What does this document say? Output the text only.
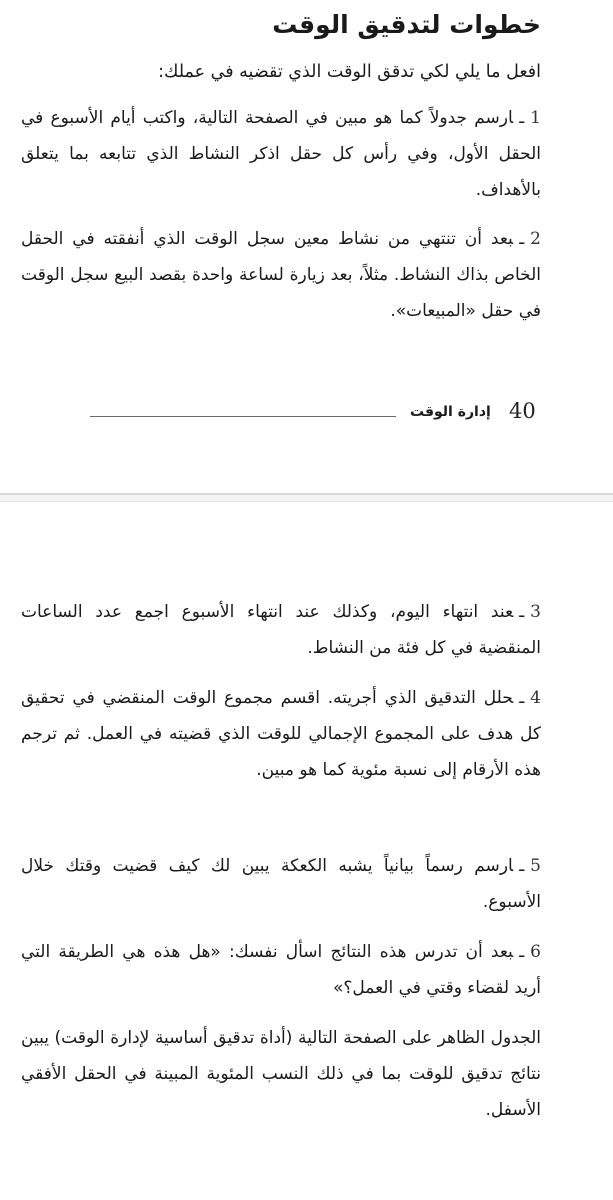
خطوات لتدقيق الوقت
افعل ما يلي لكي تدقق الوقت الذي تقضيه في عملك:

1ـارسم جدولاً كما هو مبين في الصفحة التالية، واكتب أيام الأسبوع في الحقل الأول، وفي رأس كل حقل اذكر النشاط الذي تتابعه بما يتعلق بالأهداف.

2ـبعد أن تنتهي من نشاط معين سجل الوقت الذي أنفقته في الحقل الخاص بذاك النشاط. مثلاً، بعد زيارة لساعة واحدة بقصد البيع سجل الوقت في حقل «المبيعات».

إدارة الوقت 40

3ـعند انتهاء اليوم، وكذلك عند انتهاء الأسبوع اجمع عدد الساعات المنقضية في كل فئة من النشاط.

4ـحلل التدقيق الذي أجريته. اقسم مجموع الوقت المنقضي في تحقيق كل هدف على المجموع الإجمالي للوقت الذي قضيته في العمل. ثم ترجم هذه الأرقام إلى نسبة مئوية كما هو مبين.

5ـارسم رسماً بيانياً يشبه الكعكة يبين لك كيف قضيت وقتك خلال الأسبوع.

6ـبعد أن تدرس هذه النتائج اسأل نفسك: «هل هذه هي الطريقة التي أريد لقضاء وقتي في العمل؟»

الجدول الظاهر على الصفحة التالية (أداة تدقيق أساسية لإدارة الوقت) يبين نتائج تدقيق للوقت بما في ذلك النسب المئوية المبينة في الحقل الأفقي الأسفل.
